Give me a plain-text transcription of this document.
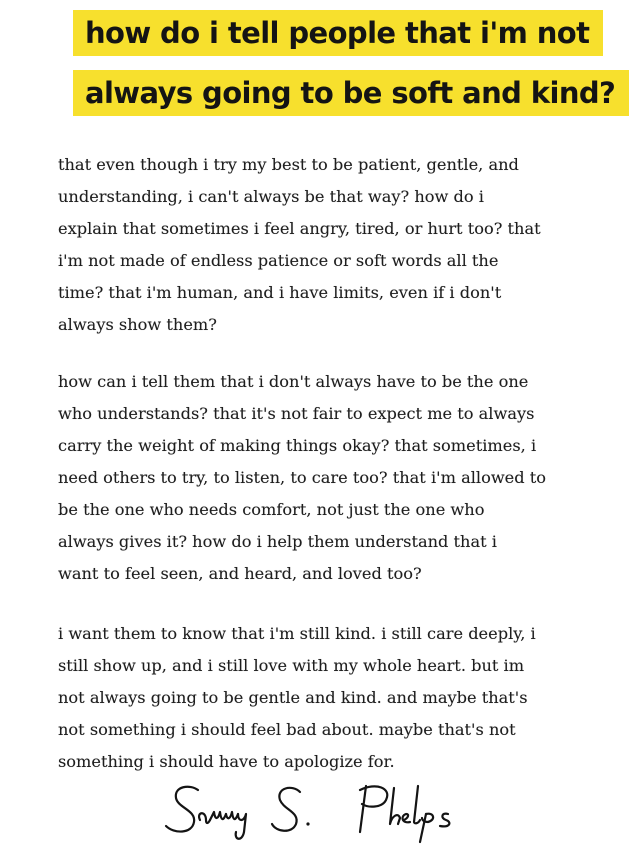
how do i tell people that i'm not
always going to be soft and kind?
that even though i try my best to be patient, gentle, and
understanding, i can't always be that way? how do i
explain that sometimes i feel angry, tired, or hurt too? that
i'm not made of endless patience or soft words all the
time? that i'm human, and i have limits, even if i don't
always show them?
how can i tell them that i don't always have to be the one
who understands? that it's not fair to expect me to always
carry the weight of making things okay? that sometimes, i
need others to try, to listen, to care too? that i'm allowed to
be the one who needs comfort, not just the one who
always gives it? how do i help them understand that i
want to feel seen, and heard, and loved too?
i want them to know that i'm still kind. i still care deeply, i
still show up, and i still love with my whole heart. but im
not always going to be gentle and kind. and maybe that's
not something i should feel bad about. maybe that's not
something i should have to apologize for.
